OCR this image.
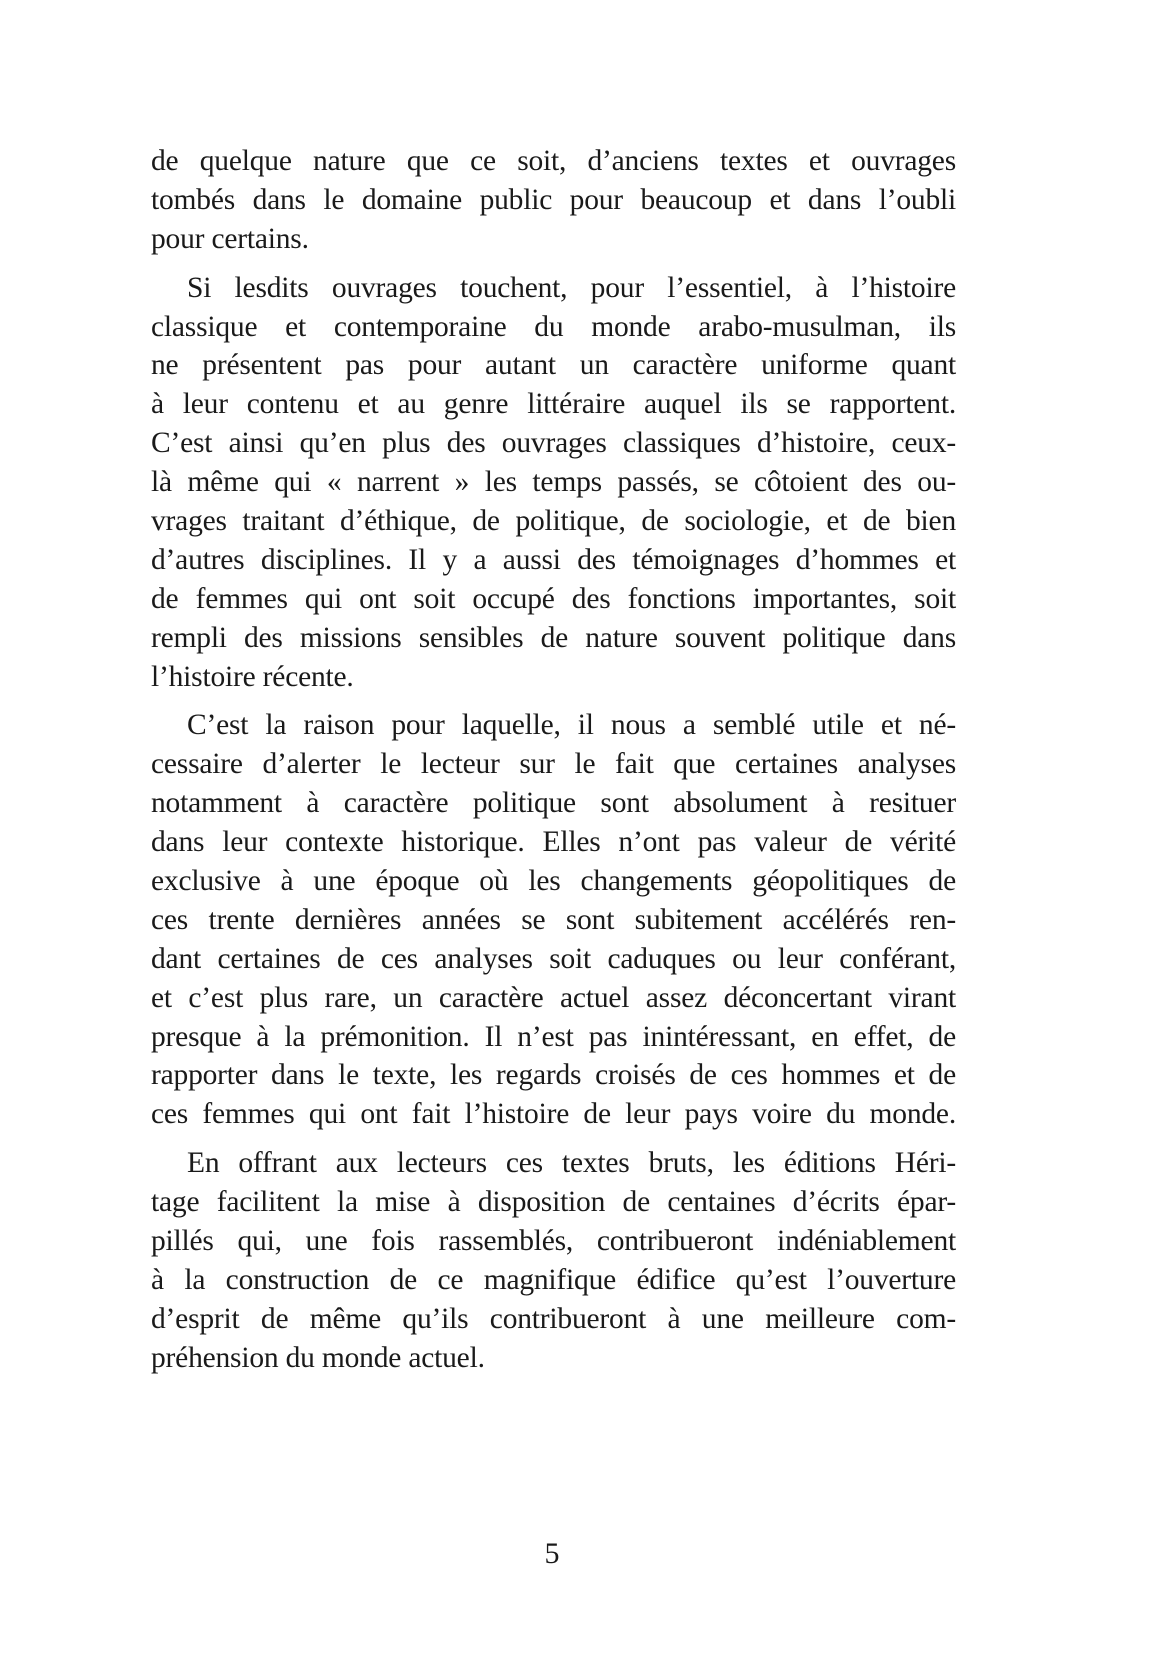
de quelque nature que ce soit, d’anciens textes et ouvrages
tombés dans le domaine public pour beaucoup et dans l’oubli
pour certains.

Si lesdits ouvrages touchent, pour l’essentiel, à l’histoire
classique et contemporaine du monde arabo-musulman, ils
ne présentent pas pour autant un caractère uniforme quant
à leur contenu et au genre littéraire auquel ils se rapportent.
C’est ainsi qu’en plus des ouvrages classiques d’histoire, ceux-
là même qui « narrent » les temps passés, se côtoient des ou-
vrages traitant d’éthique, de politique, de sociologie, et de bien
d’autres disciplines. Il y a aussi des témoignages d’hommes et
de femmes qui ont soit occupé des fonctions importantes, soit
rempli des missions sensibles de nature souvent politique dans
l’histoire récente.

C’est la raison pour laquelle, il nous a semblé utile et né-
cessaire d’alerter le lecteur sur le fait que certaines analyses
notamment à caractère politique sont absolument à resituer
dans leur contexte historique. Elles n’ont pas valeur de vérité
exclusive à une époque où les changements géopolitiques de
ces trente dernières années se sont subitement accélérés ren-
dant certaines de ces analyses soit caduques ou leur conférant,
et c’est plus rare, un caractère actuel assez déconcertant virant
presque à la prémonition. Il n’est pas inintéressant, en effet, de
rapporter dans le texte, les regards croisés de ces hommes et de
ces femmes qui ont fait l’histoire de leur pays voire du monde.

En offrant aux lecteurs ces textes bruts, les éditions Héri-
tage facilitent la mise à disposition de centaines d’écrits épar-
pillés qui, une fois rassemblés, contribueront indéniablement
à la construction de ce magnifique édifice qu’est l’ouverture
d’esprit de même qu’ils contribueront à une meilleure com-
préhension du monde actuel.

5
